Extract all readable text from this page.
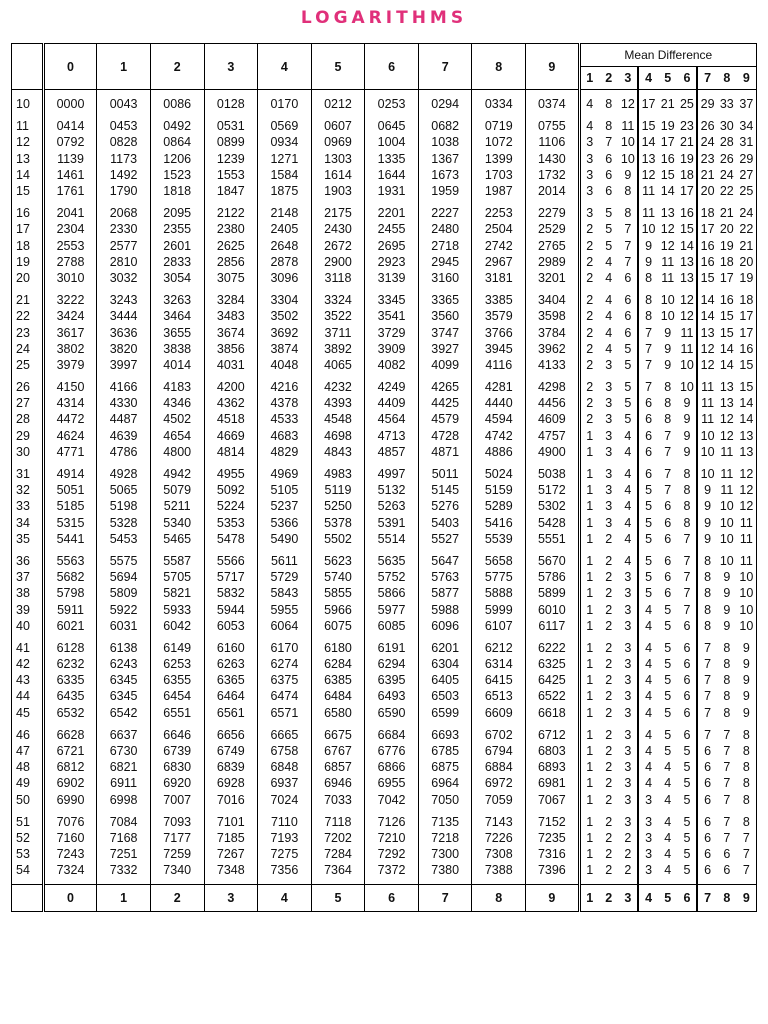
LOGARITHMS
	0	1	2	3	4	5	6	7	8	9	Mean Difference								
											1	2	3	4	5	6	7	8	9

10	0000	0043	0086	0128	0170	0212	0253	0294	0334	0374	4	8	12	17	21	25	29	33	37

11	0414	0453	0492	0531	0569	0607	0645	0682	0719	0755	4	8	11	15	19	23	26	30	34
12	0792	0828	0864	0899	0934	0969	1004	1038	1072	1106	3	7	10	14	17	21	24	28	31
13	1139	1173	1206	1239	1271	1303	1335	1367	1399	1430	3	6	10	13	16	19	23	26	29
14	1461	1492	1523	1553	1584	1614	1644	1673	1703	1732	3	6	9	12	15	18	21	24	27
15	1761	1790	1818	1847	1875	1903	1931	1959	1987	2014	3	6	8	11	14	17	20	22	25

16	2041	2068	2095	2122	2148	2175	2201	2227	2253	2279	3	5	8	11	13	16	18	21	24
17	2304	2330	2355	2380	2405	2430	2455	2480	2504	2529	2	5	7	10	12	15	17	20	22
18	2553	2577	2601	2625	2648	2672	2695	2718	2742	2765	2	5	7	9	12	14	16	19	21
19	2788	2810	2833	2856	2878	2900	2923	2945	2967	2989	2	4	7	9	11	13	16	18	20
20	3010	3032	3054	3075	3096	3118	3139	3160	3181	3201	2	4	6	8	11	13	15	17	19

21	3222	3243	3263	3284	3304	3324	3345	3365	3385	3404	2	4	6	8	10	12	14	16	18
22	3424	3444	3464	3483	3502	3522	3541	3560	3579	3598	2	4	6	8	10	12	14	15	17
23	3617	3636	3655	3674	3692	3711	3729	3747	3766	3784	2	4	6	7	9	11	13	15	17
24	3802	3820	3838	3856	3874	3892	3909	3927	3945	3962	2	4	5	7	9	11	12	14	16
25	3979	3997	4014	4031	4048	4065	4082	4099	4116	4133	2	3	5	7	9	10	12	14	15

26	4150	4166	4183	4200	4216	4232	4249	4265	4281	4298	2	3	5	7	8	10	11	13	15
27	4314	4330	4346	4362	4378	4393	4409	4425	4440	4456	2	3	5	6	8	9	11	13	14
28	4472	4487	4502	4518	4533	4548	4564	4579	4594	4609	2	3	5	6	8	9	11	12	14
29	4624	4639	4654	4669	4683	4698	4713	4728	4742	4757	1	3	4	6	7	9	10	12	13
30	4771	4786	4800	4814	4829	4843	4857	4871	4886	4900	1	3	4	6	7	9	10	11	13

31	4914	4928	4942	4955	4969	4983	4997	5011	5024	5038	1	3	4	6	7	8	10	11	12
32	5051	5065	5079	5092	5105	5119	5132	5145	5159	5172	1	3	4	5	7	8	9	11	12
33	5185	5198	5211	5224	5237	5250	5263	5276	5289	5302	1	3	4	5	6	8	9	10	12
34	5315	5328	5340	5353	5366	5378	5391	5403	5416	5428	1	3	4	5	6	8	9	10	11
35	5441	5453	5465	5478	5490	5502	5514	5527	5539	5551	1	2	4	5	6	7	9	10	11

36	5563	5575	5587	5566	5611	5623	5635	5647	5658	5670	1	2	4	5	6	7	8	10	11
37	5682	5694	5705	5717	5729	5740	5752	5763	5775	5786	1	2	3	5	6	7	8	9	10
38	5798	5809	5821	5832	5843	5855	5866	5877	5888	5899	1	2	3	5	6	7	8	9	10
39	5911	5922	5933	5944	5955	5966	5977	5988	5999	6010	1	2	3	4	5	7	8	9	10
40	6021	6031	6042	6053	6064	6075	6085	6096	6107	6117	1	2	3	4	5	6	8	9	10

41	6128	6138	6149	6160	6170	6180	6191	6201	6212	6222	1	2	3	4	5	6	7	8	9
42	6232	6243	6253	6263	6274	6284	6294	6304	6314	6325	1	2	3	4	5	6	7	8	9
43	6335	6345	6355	6365	6375	6385	6395	6405	6415	6425	1	2	3	4	5	6	7	8	9
44	6435	6345	6454	6464	6474	6484	6493	6503	6513	6522	1	2	3	4	5	6	7	8	9
45	6532	6542	6551	6561	6571	6580	6590	6599	6609	6618	1	2	3	4	5	6	7	8	9

46	6628	6637	6646	6656	6665	6675	6684	6693	6702	6712	1	2	3	4	5	6	7	7	8
47	6721	6730	6739	6749	6758	6767	6776	6785	6794	6803	1	2	3	4	5	5	6	7	8
48	6812	6821	6830	6839	6848	6857	6866	6875	6884	6893	1	2	3	4	4	5	6	7	8
49	6902	6911	6920	6928	6937	6946	6955	6964	6972	6981	1	2	3	4	4	5	6	7	8
50	6990	6998	7007	7016	7024	7033	7042	7050	7059	7067	1	2	3	3	4	5	6	7	8

51	7076	7084	7093	7101	7110	7118	7126	7135	7143	7152	1	2	3	3	4	5	6	7	8
52	7160	7168	7177	7185	7193	7202	7210	7218	7226	7235	1	2	2	3	4	5	6	7	7
53	7243	7251	7259	7267	7275	7284	7292	7300	7308	7316	1	2	2	3	4	5	6	6	7
54	7324	7332	7340	7348	7356	7364	7372	7380	7388	7396	1	2	2	3	4	5	6	6	7

	0	1	2	3	4	5	6	7	8	9	1	2	3	4	5	6	7	8	9
